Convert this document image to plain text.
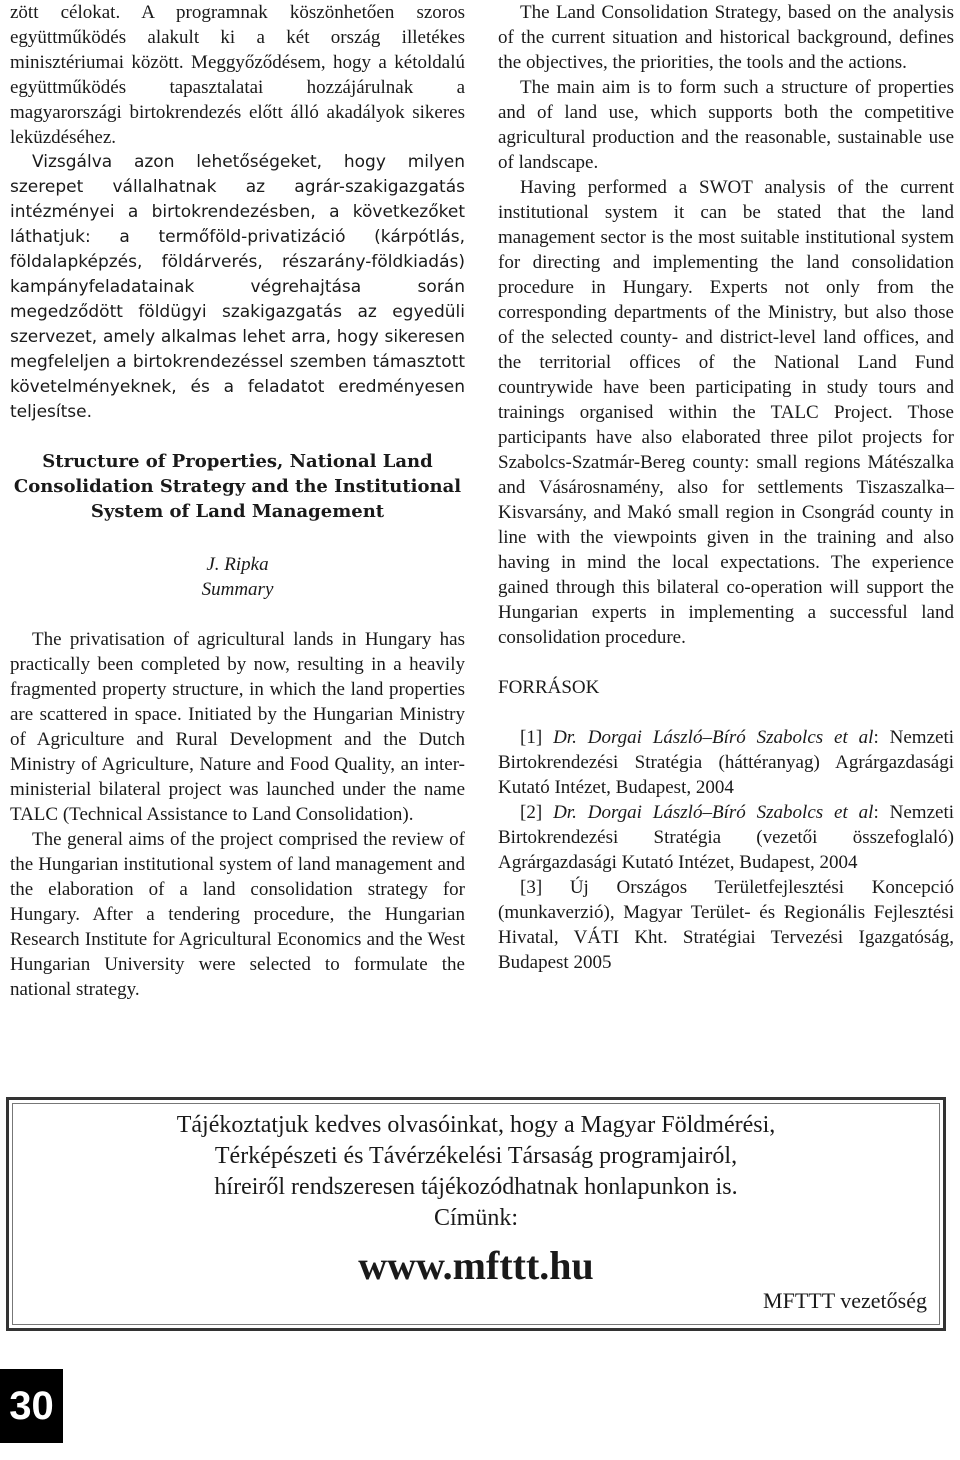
zött célokat. A programnak köszönhetően szoros együttműködés alakult ki a két ország illetékes minisztériumai között. Meggyőződésem, hogy a kétoldalú együttműködés tapasztalatai hozzájárulnak a magyarországi birtokrendezés előtt álló akadályok sikeres leküzdéséhez.

Vizsgálva azon lehetőségeket, hogy milyen szerepet vállalhatnak az agrár-szakigazgatás intézményei a birtokrendezésben, a következőket láthatjuk: a termőföld-privatizáció (kárpótlás, földalapképzés, földárverés, részarány-földkiadás) kampányfeladatainak végrehajtása során megedződött földügyi szakigazgatás az egyedüli szervezet, amely alkalmas lehet arra, hogy sikeresen megfeleljen a birtokrendezéssel szemben támasztott követelményeknek, és a feladatot eredményesen teljesítse.

Structure of Properties, National Land Consolidation Strategy and the Institutional System of Land Management
J. Ripka
Summary

The privatisation of agricultural lands in Hungary has practically been completed by now, resulting in a heavily fragmented property structure, in which the land properties are scattered in space. Initiated by the Hungarian Ministry of Agriculture and Rural Development and the Dutch Ministry of Agriculture, Nature and Food Quality, an inter-ministerial bilateral project was launched under the name TALC (Technical Assistance to Land Consolidation).

The general aims of the project comprised the review of the Hungarian institutional system of land management and the elaboration of a land consolidation strategy for Hungary. After a tendering procedure, the Hungarian Research Institute for Agricultural Economics and the West Hungarian University were selected to formulate the national strategy.

The Land Consolidation Strategy, based on the analysis of the current situation and historical background, defines the objectives, the priorities, the tools and the actions.

The main aim is to form such a structure of properties and of land use, which supports both the competitive agricultural production and the reasonable, sustainable use of landscape.

Having performed a SWOT analysis of the current institutional system it can be stated that the land management sector is the most suitable institutional system for directing and implementing the land consolidation procedure in Hungary. Experts not only from the corresponding departments of the Ministry, but also those of the selected county- and district-level land offices, and the territorial offices of the National Land Fund countrywide have been participating in study tours and trainings organised within the TALC Project. Those participants have also elaborated three pilot projects for Szabolcs-Szatmár-Bereg county: small regions Mátészalka and Vásárosnamény, also for settlements Tiszaszalka–Kisvarsány, and Makó small region in Csongrád county in line with the viewpoints given in the training and also having in mind the local expectations. The experience gained through this bilateral co-operation will support the Hungarian experts in implementing a successful land consolidation procedure.

FORRÁSOK

[1] Dr. Dorgai László–Bíró Szabolcs et al: Nemzeti Birtokrendezési Stratégia (háttéranyag) Agrárgazdasági Kutató Intézet, Budapest, 2004

[2] Dr. Dorgai László–Bíró Szabolcs et al: Nemzeti Birtokrendezési Stratégia (vezetői összefoglaló) Agrárgazdasági Kutató Intézet, Budapest, 2004

[3] Új Országos Területfejlesztési Koncepció (munkaverzió), Magyar Terület- és Regionális Fejlesztési Hivatal, VÁTI Kht. Stratégiai Tervezési Igazgatóság, Budapest 2005

Tájékoztatjuk kedves olvasóinkat, hogy a Magyar Földmérési,
Térképészeti és Távérzékelési Társaság programjairól,
híreiről rendszeresen tájékozódhatnak honlapunkon is.
Címünk:
www.mfttt.hu
MFTTT vezetőség
30
